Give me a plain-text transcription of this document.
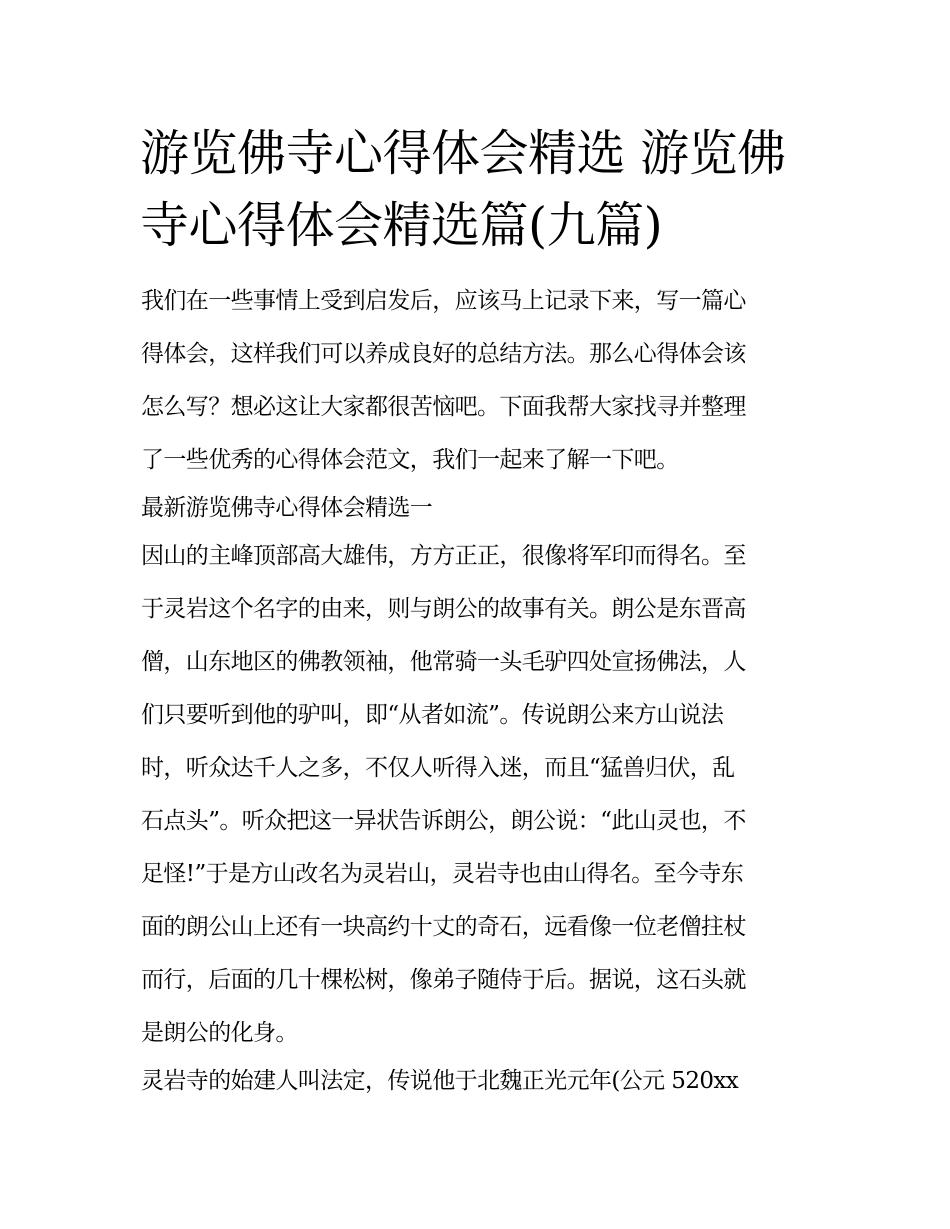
游览佛寺心得体会精选 游览佛
寺心得体会精选篇(九篇)
我们在一些事情上受到启发后，应该马上记录下来，写一篇心
得体会，这样我们可以养成良好的总结方法。那么心得体会该
怎么写？想必这让大家都很苦恼吧。下面我帮大家找寻并整理
了一些优秀的心得体会范文，我们一起来了解一下吧。
最新游览佛寺心得体会精选一
因山的主峰顶部高大雄伟，方方正正，很像将军印而得名。至
于灵岩这个名字的由来，则与朗公的故事有关。朗公是东晋高
僧，山东地区的佛教领袖，他常骑一头毛驴四处宣扬佛法，人
们只要听到他的驴叫，即“从者如流”。传说朗公来方山说法
时，听众达千人之多，不仅人听得入迷，而且“猛兽归伏，乱
石点头”。听众把这一异状告诉朗公，朗公说：“此山灵也，不
足怪!”于是方山改名为灵岩山，灵岩寺也由山得名。至今寺东
面的朗公山上还有一块高约十丈的奇石，远看像一位老僧拄杖
而行，后面的几十棵松树，像弟子随侍于后。据说，这石头就
是朗公的化身。
灵岩寺的始建人叫法定，传说他于北魏正光元年(公元 520xx
